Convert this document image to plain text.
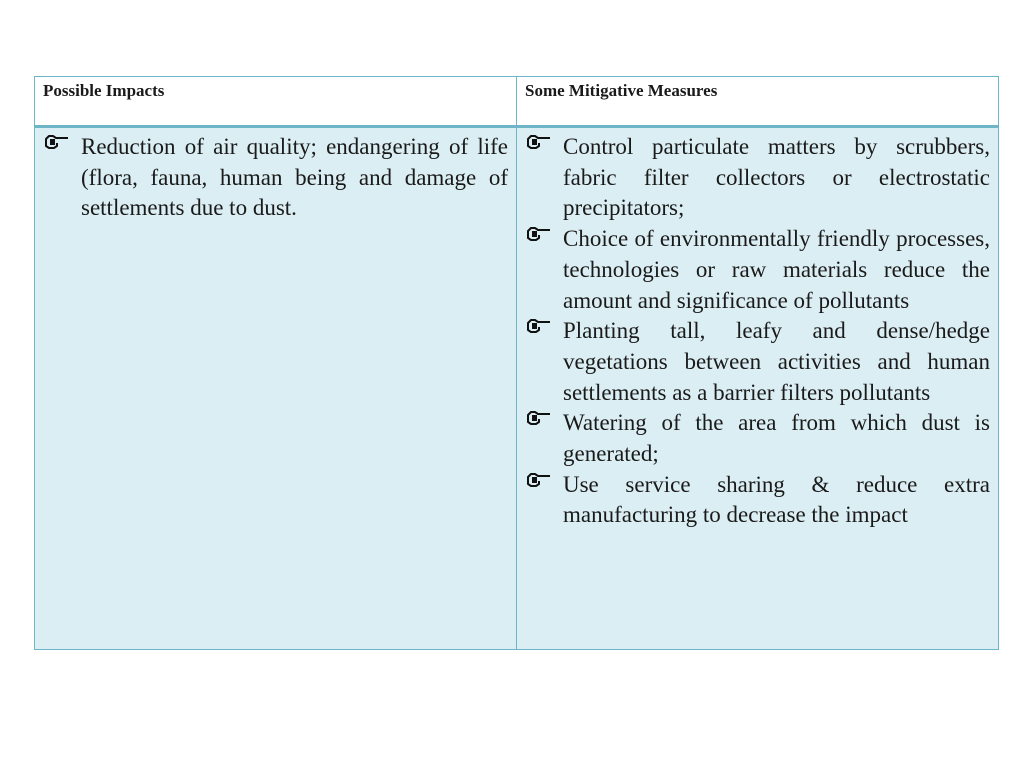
Possible Impacts	Some Mitigative Measures
Reduction of air quality; endangering of life (flora, fauna, human being and damage of settlements due to dust.
Control particulate matters by scrubbers, fabric filter collectors or electrostatic precipitators;
Choice of environmentally friendly processes, technologies or raw materials reduce the amount and significance of pollutants
Planting tall, leafy and dense/hedge vegetations between activities and human settlements as a barrier filters pollutants
Watering of the area from which dust is generated;
Use service sharing & reduce extra manufacturing to decrease the impact
